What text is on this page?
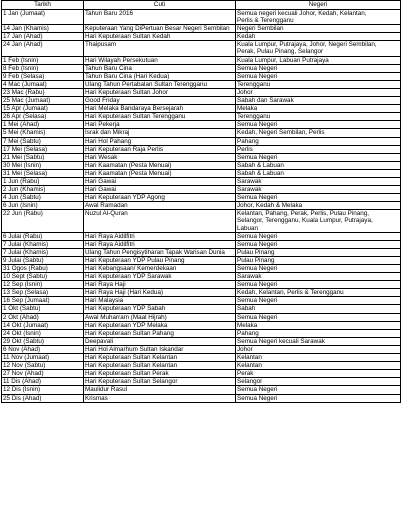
Tarikh	Cuti	Negeri
1 Jan (Jumaat)	Tahun Baru 2016	Semua negeri kecuali Johor, Kedah, Kelantan,
Perlis & Terengganu

14 Jan (Khamis)	Keputeraan Yang DiPertuan Besar Negeri Sembilan	Negeri Sembilan

17 Jan (Ahad)	Hari Keputeraan Sultan Kedah	Kedah

24 Jan (Ahad)	Thaipusam	Kuala Lumpur, Putrajaya, Johor, Negeri Sembilan,
Perak, Pulau Pinang, Selangor

1 Feb (Isnin)	Hari Wilayah Persekutuan	Kuala Lumpur, Labuan Putrajaya

8 Feb (Isnin)	Tahun Baru Cina	Semua Negeri

9 Feb (Selasa)	Tahun Baru Cina (Hari Kedua)	Semua Negeri

4 Mac (Jumaat)	Ulang Tahun Pertabalan Sultan Terengganu	Terengganu

23 Mac (Rabu)	Hari Keputeraan Sultan Johor	Johor

25 Mac (Jumaat)	Good Friday	Sabah dan Sarawak

15 Apr (Jumaat)	Hari Melaka Bandaraya Bersejarah	Melaka

26 Apr (Selasa)	Hari Keputeraan Sultan Terengganu	Terengganu

1 Mei (Ahad)	Hari Pekerja	Semua Negeri

5 Mei (Khamis)	Israk dan Mikraj	Kedah, Negeri Sembilan, Perlis

7 Mei (Sabtu)	Hari Hol Pahang	Pahang

17 Mei (Selasa)	Hari Keputeraan Raja Perlis	Perlis

21 Mei (Sabtu)	Hari Wesak	Semua Negeri

30 Mei (Isnin)	Hari Kaamatan (Pesta Menuai)	Sabah & Labuan

31 Mei (Selasa)	Hari Kaamatan (Pesta Menuai)	Sabah & Labuan

1 Jun (Rabu)	Hari Gawai	Sarawak

2 Jun (Khamis)	Hari Gawai	Sarawak

4 Jun (Sabtu)	Hari Keputeraan YDP Agong	Semua Negeri

6 Jun (Isnin)	Awal Ramadan	Johor, Kedah & Melaka

22 Jun (Rabu)	Nuzul Al-Quran	Kelantan, Pahang, Perak, Perlis, Pulau Pinang,
Selangor, Terengganu, Kuala Lumpur, Putrajaya,
Labuan

6 Julai (Rabu)	Hari Raya Aidilfitri	Semua Negeri

7 Julai (Khamis)	Hari Raya Aidilfitri	Semua Negeri

7 Julai (Khamis)	Ulang Tahun Pengisytiharan Tapak Warisan Dunia	Pulau Pinang

9 Julai (Sabtu)	Hari Keputeraan YDP Pulau Pinang	Pulau Pinang

31 Ogos (Rabu)	Hari Kebangsaan/ Kemerdekaan	Semua Negeri

10 Sept (Sabtu)	Hari Keputeraan YDP Sarawak	Sarawak

12 Sep (Isnin)	Hari Raya Haji	Semua Negeri

13 Sep (Selasa)	Hari Raya Haji (Hari Kedua)	Kedah, Kelantan, Perlis & Terengganu

16 Sep (Jumaat)	Hari Malaysia	Semua Negeri

1 Okt (Sabtu)	Hari Keputeraan YDP Sabah	Sabah

2 Okt (Ahad)	Awal Muharram (Maal Hijrah)	Semua Negeri

14 Okt (Jumaat)	Hari Keputeraan YDP Melaka	Melaka

24 Okt (Isnin)	Hari Keputeraan Sultan Pahang	Pahang

29 Okt (Sabtu)	Deepavali	Semua Negeri kecuali Sarawak

6 Nov (Ahad)	Hari Hol Almarhum Sultan Iskandar	Johor

11 Nov (Jumaat)	Hari Keputeraan Sultan Kelantan	Kelantan

12 Nov (Sabtu)	Hari Keputeraan Sultan Kelantan	Kelantan

27 Nov (Ahad)	Hari Keputeraan Sultan Perak	Perak

11 Dis (Ahad)	Hari Keputeraan Sultan Selangor	Selangor

12 Dis (Isnin)	Maulidur Rasul	Semua Negeri

25 Dis (Ahad)	Krismas	Semua Negeri
